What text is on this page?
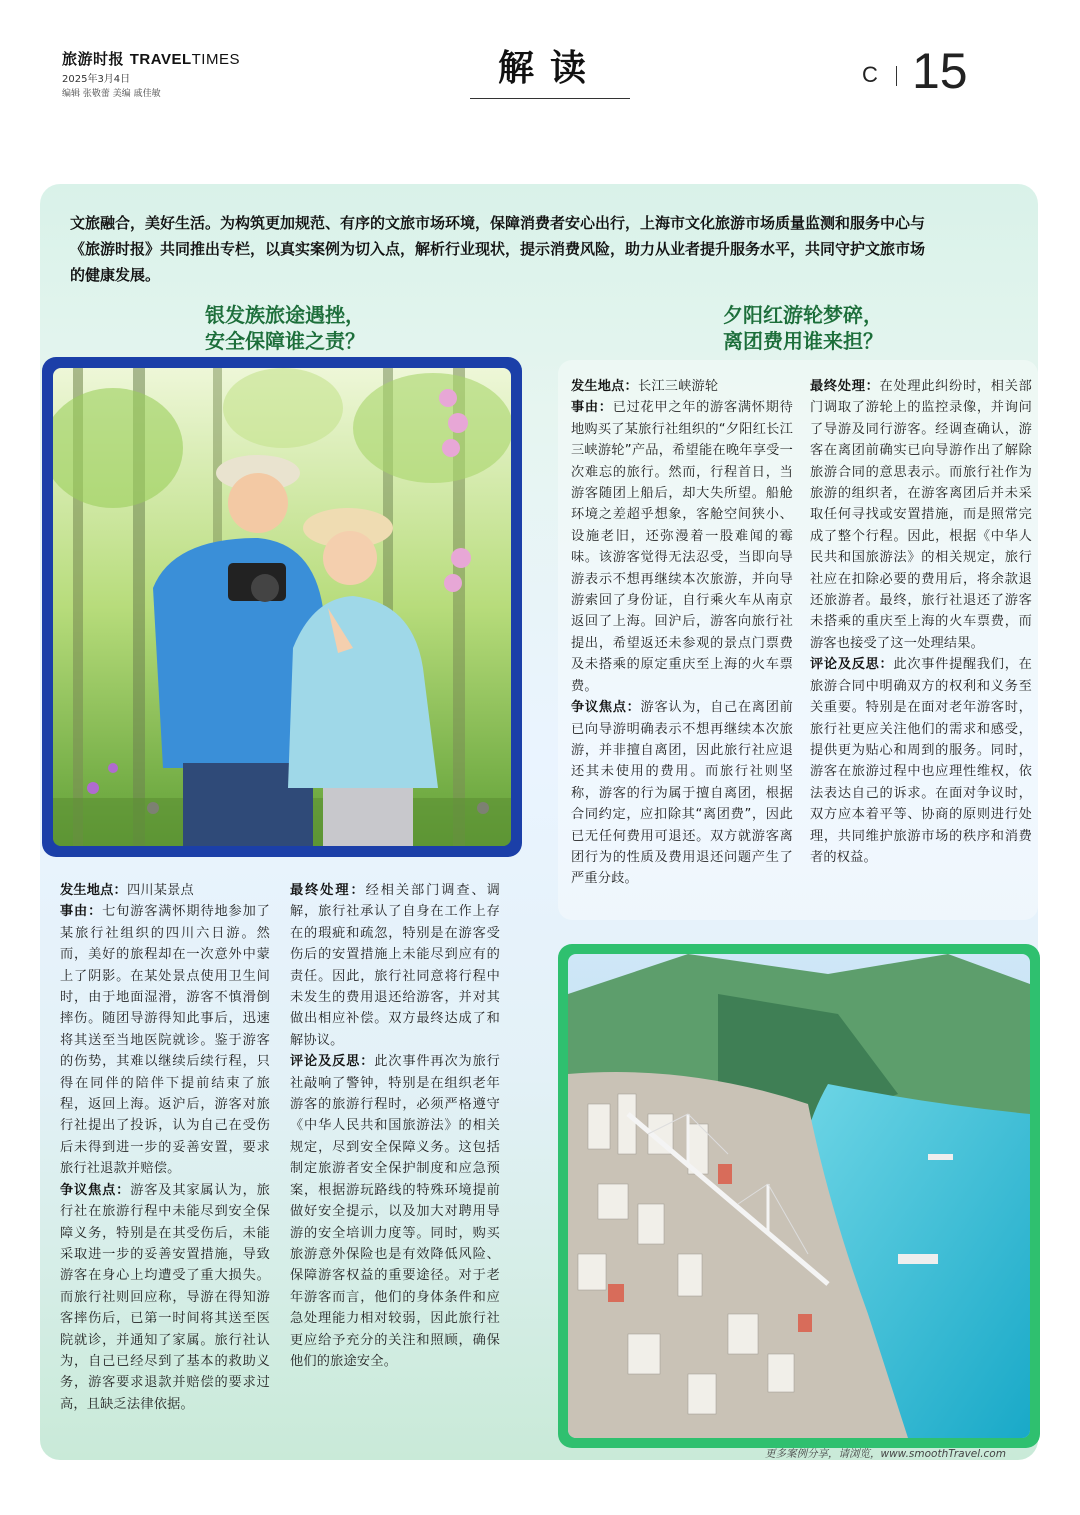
旅游时报 TRAVELTIMES
2025年3月4日
编辑 张敬蕾 美编 戚佳敏
解读	C 15
文旅融合，美好生活。为构筑更加规范、有序的文旅市场环境，保障消费者安心出行，上海市文化旅游市场质量监测和服务中心与《旅游时报》共同推出专栏，以真实案例为切入点，解析行业现状，提示消费风险，助力从业者提升服务水平，共同守护文旅市场的健康发展。
银发族旅途遇挫，
安全保障谁之责？
夕阳红游轮梦碎，
离团费用谁来担？

发生地点：四川某景点

事由：七旬游客满怀期待地参加了某旅行社组织的四川六日游。然而，美好的旅程却在一次意外中蒙上了阴影。在某处景点使用卫生间时，由于地面湿滑，游客不慎滑倒摔伤。随团导游得知此事后，迅速将其送至当地医院就诊。鉴于游客的伤势，其难以继续后续行程，只得在同伴的陪伴下提前结束了旅程，返回上海。返沪后，游客对旅行社提出了投诉，认为自己在受伤后未得到进一步的妥善安置，要求旅行社退款并赔偿。

争议焦点：游客及其家属认为，旅行社在旅游行程中未能尽到安全保障义务，特别是在其受伤后，未能采取进一步的妥善安置措施，导致游客在身心上均遭受了重大损失。而旅行社则回应称，导游在得知游客摔伤后，已第一时间将其送至医院就诊，并通知了家属。旅行社认为，自己已经尽到了基本的救助义务，游客要求退款并赔偿的要求过高，且缺乏法律依据。

最终处理：经相关部门调查、调解，旅行社承认了自身在工作上存在的瑕疵和疏忽，特别是在游客受伤后的安置措施上未能尽到应有的责任。因此，旅行社同意将行程中未发生的费用退还给游客，并对其做出相应补偿。双方最终达成了和解协议。

评论及反思：此次事件再次为旅行社敲响了警钟，特别是在组织老年游客的旅游行程时，必须严格遵守《中华人民共和国旅游法》的相关规定，尽到安全保障义务。这包括制定旅游者安全保护制度和应急预案，根据游玩路线的特殊环境提前做好安全提示，以及加大对聘用导游的安全培训力度等。同时，购买旅游意外保险也是有效降低风险、保障游客权益的重要途径。对于老年游客而言，他们的身体条件和应急处理能力相对较弱，因此旅行社更应给予充分的关注和照顾，确保他们的旅途安全。

发生地点：长江三峡游轮

事由：已过花甲之年的游客满怀期待地购买了某旅行社组织的“夕阳红长江三峡游轮”产品，希望能在晚年享受一次难忘的旅行。然而，行程首日，当游客随团上船后，却大失所望。船舱环境之差超乎想象，客舱空间狭小、设施老旧，还弥漫着一股难闻的霉味。该游客觉得无法忍受，当即向导游表示不想再继续本次旅游，并向导游索回了身份证，自行乘火车从南京返回了上海。回沪后，游客向旅行社提出，希望返还未参观的景点门票费及未搭乘的原定重庆至上海的火车票费。

争议焦点：游客认为，自己在离团前已向导游明确表示不想再继续本次旅游，并非擅自离团，因此旅行社应退还其未使用的费用。而旅行社则坚称，游客的行为属于擅自离团，根据合同约定，应扣除其“离团费”，因此已无任何费用可退还。双方就游客离团行为的性质及费用退还问题产生了严重分歧。

最终处理：在处理此纠纷时，相关部门调取了游轮上的监控录像，并询问了导游及同行游客。经调查确认，游客在离团前确实已向导游作出了解除旅游合同的意思表示。而旅行社作为旅游的组织者，在游客离团后并未采取任何寻找或安置措施，而是照常完成了整个行程。因此，根据《中华人民共和国旅游法》的相关规定，旅行社应在扣除必要的费用后，将余款退还旅游者。最终，旅行社退还了游客未搭乘的重庆至上海的火车票费，而游客也接受了这一处理结果。

评论及反思：此次事件提醒我们，在旅游合同中明确双方的权利和义务至关重要。特别是在面对老年游客时，旅行社更应关注他们的需求和感受，提供更为贴心和周到的服务。同时，游客在旅游过程中也应理性维权，依法表达自己的诉求。在面对争议时，双方应本着平等、协商的原则进行处理，共同维护旅游市场的秩序和消费者的权益。

更多案例分享，请浏览，www.smoothTravel.com
